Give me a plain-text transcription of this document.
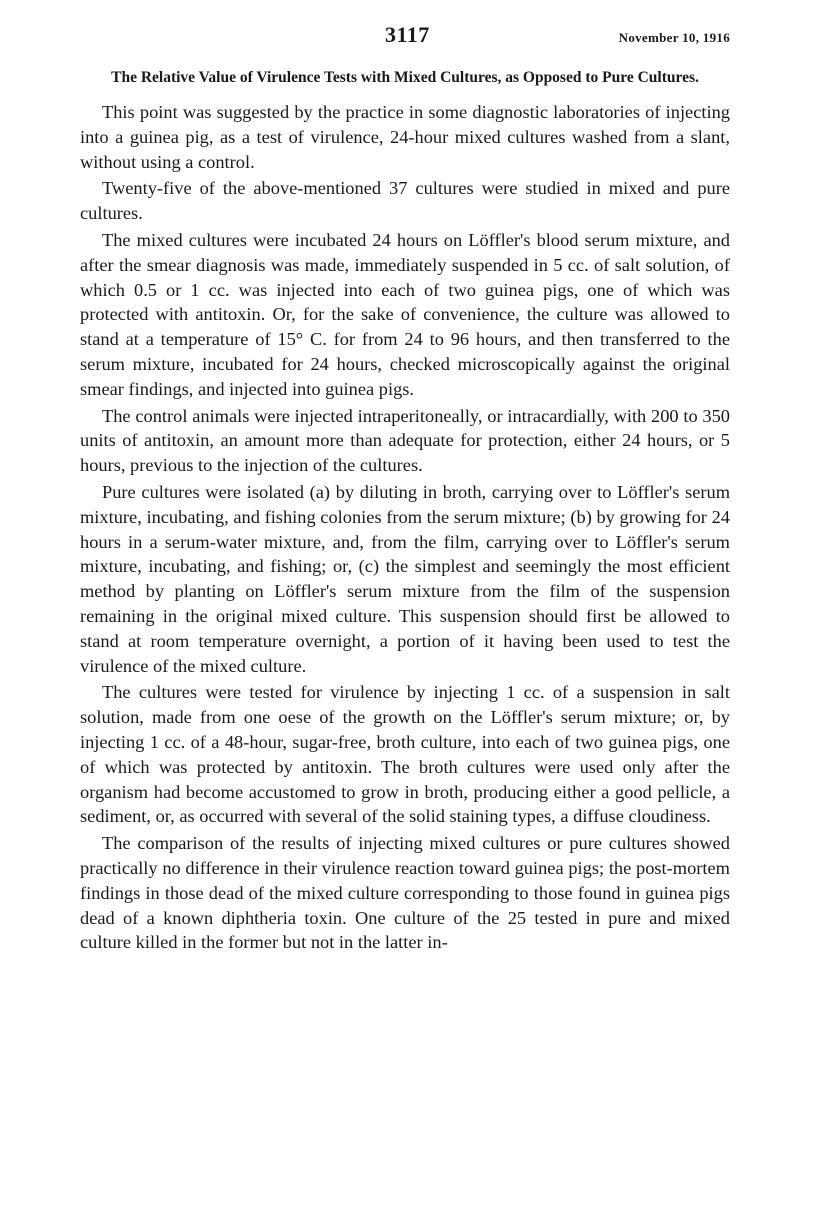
3117	November 10, 1916
The Relative Value of Virulence Tests with Mixed Cultures, as Opposed to Pure Cultures.

This point was suggested by the practice in some diagnostic laboratories of injecting into a guinea pig, as a test of virulence, 24-hour mixed cultures washed from a slant, without using a control.

Twenty-five of the above-mentioned 37 cultures were studied in mixed and pure cultures.

The mixed cultures were incubated 24 hours on Löffler's blood serum mixture, and after the smear diagnosis was made, immediately suspended in 5 cc. of salt solution, of which 0.5 or 1 cc. was injected into each of two guinea pigs, one of which was protected with antitoxin. Or, for the sake of convenience, the culture was allowed to stand at a temperature of 15° C. for from 24 to 96 hours, and then transferred to the serum mixture, incubated for 24 hours, checked microscopically against the original smear findings, and injected into guinea pigs.

The control animals were injected intraperitoneally, or intracardially, with 200 to 350 units of antitoxin, an amount more than adequate for protection, either 24 hours, or 5 hours, previous to the injection of the cultures.

Pure cultures were isolated (a) by diluting in broth, carrying over to Löffler's serum mixture, incubating, and fishing colonies from the serum mixture; (b) by growing for 24 hours in a serum-water mixture, and, from the film, carrying over to Löffler's serum mixture, incubating, and fishing; or, (c) the simplest and seemingly the most efficient method by planting on Löffler's serum mixture from the film of the suspension remaining in the original mixed culture. This suspension should first be allowed to stand at room temperature overnight, a portion of it having been used to test the virulence of the mixed culture.

The cultures were tested for virulence by injecting 1 cc. of a suspension in salt solution, made from one oese of the growth on the Löffler's serum mixture; or, by injecting 1 cc. of a 48-hour, sugar-free, broth culture, into each of two guinea pigs, one of which was protected by antitoxin. The broth cultures were used only after the organism had become accustomed to grow in broth, producing either a good pellicle, a sediment, or, as occurred with several of the solid staining types, a diffuse cloudiness.

The comparison of the results of injecting mixed cultures or pure cultures showed practically no difference in their virulence reaction toward guinea pigs; the post-mortem findings in those dead of the mixed culture corresponding to those found in guinea pigs dead of a known diphtheria toxin. One culture of the 25 tested in pure and mixed culture killed in the former but not in the latter in-
